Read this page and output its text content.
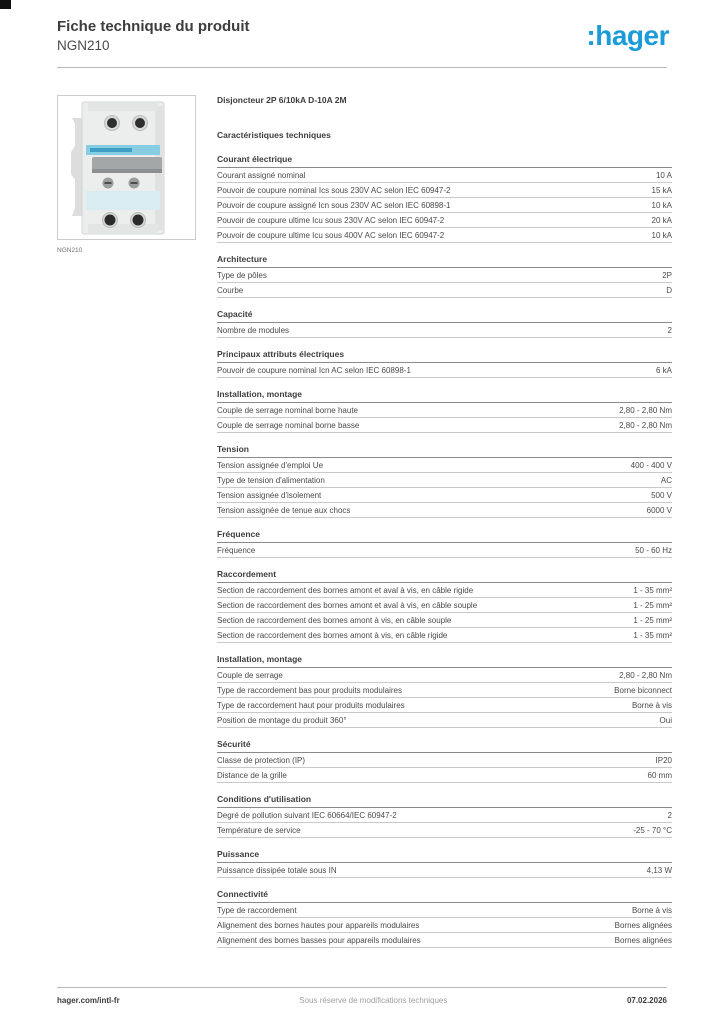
Fiche technique du produit
NGN210	:hager
NGN210
Disjoncteur 2P 6/10kA D-10A 2M
Caractéristiques techniques
Courant électrique
Courant assigné nominal	10 A
Pouvoir de coupure nominal Ics sous 230V AC selon IEC 60947-2	15 kA
Pouvoir de coupure assigné Icn sous 230V AC selon IEC 60898-1	10 kA
Pouvoir de coupure ultime Icu sous 230V AC selon IEC 60947-2	20 kA
Pouvoir de coupure ultime Icu sous 400V AC selon IEC 60947-2	10 kA
Architecture
Type de pôles	2P
Courbe	D
Capacité
Nombre de modules	2
Principaux attributs électriques
Pouvoir de coupure nominal Icn AC selon IEC 60898-1	6 kA
Installation, montage
Couple de serrage nominal borne haute	2,80 - 2,80 Nm
Couple de serrage nominal borne basse	2,80 - 2,80 Nm
Tension
Tension assignée d'emploi Ue	400 - 400 V
Type de tension d'alimentation	AC
Tension assignée d'isolement	500 V
Tension assignée de tenue aux chocs	6000 V
Fréquence
Fréquence	50 - 60 Hz
Raccordement
Section de raccordement des bornes amont et aval à vis, en câble rigide	1 - 35 mm²
Section de raccordement des bornes amont et aval à vis, en câble souple	1 - 25 mm²
Section de raccordement des bornes amont à vis, en câble souple	1 - 25 mm²
Section de raccordement des bornes amont à vis, en câble rigide	1 - 35 mm²
Installation, montage
Couple de serrage	2,80 - 2,80 Nm
Type de raccordement bas pour produits modulaires	Borne biconnect
Type de raccordement haut pour produits modulaires	Borne à vis
Position de montage du produit 360°	Oui
Sécurité
Classe de protection (IP)	IP20
Distance de la grille	60 mm
Conditions d'utilisation
Degré de pollution suivant IEC 60664/IEC 60947-2	2
Température de service	-25 - 70 °C
Puissance
Puissance dissipée totale sous IN	4,13 W
Connectivité
Type de raccordement	Borne à vis
Alignement des bornes hautes pour appareils modulaires	Bornes alignées
Alignement des bornes basses pour appareils modulaires	Bornes alignées
hager.com/intl-fr	Sous réserve de modifications techniques	07.02.2026
